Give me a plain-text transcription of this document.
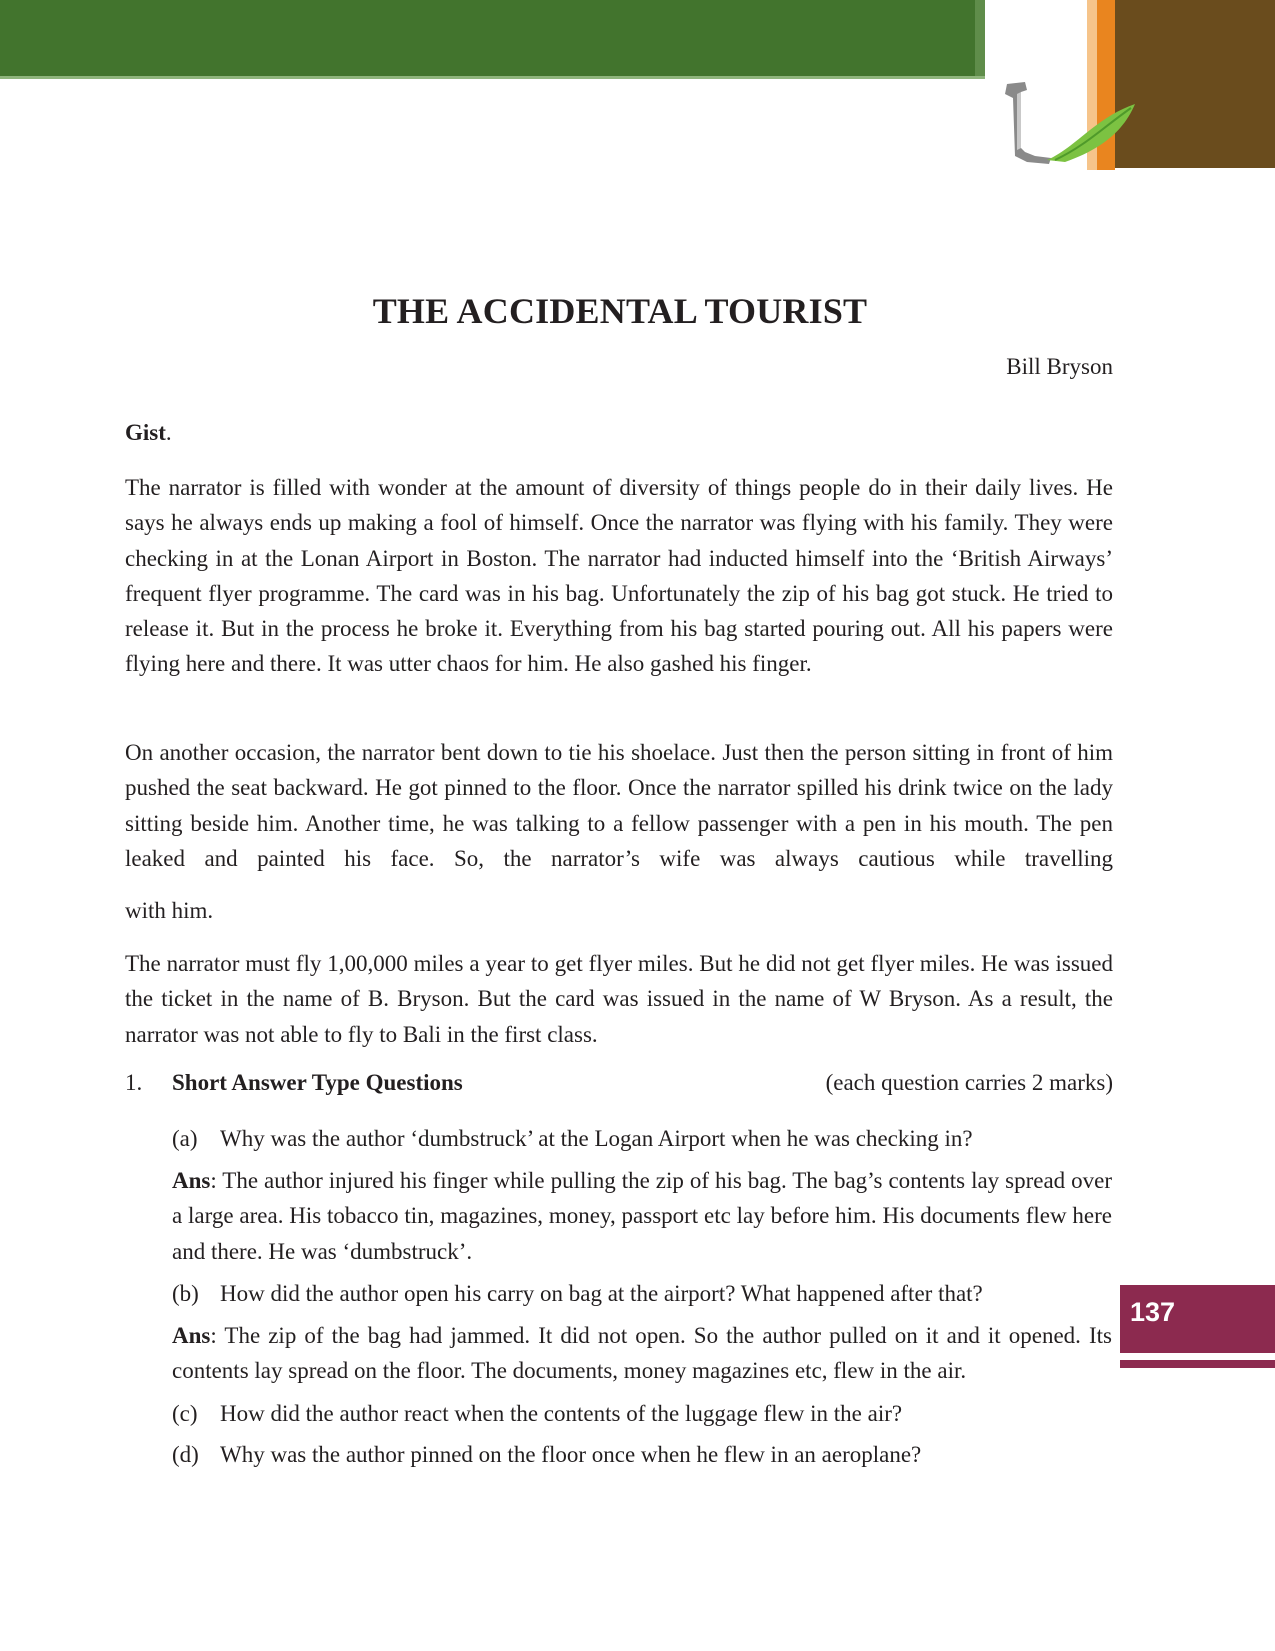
THE ACCIDENTAL TOURIST
Bill Bryson
Gist.

The narrator is filled with wonder at the amount of diversity of things people do in their daily lives. He says he always ends up making a fool of himself. Once the narrator was flying with his family. They were checking in at the Lonan Airport in Boston. The narrator had inducted himself into the ‘British Airways’ frequent flyer programme. The card was in his bag. Unfortunately the zip of his bag got stuck. He tried to release it. But in the process he broke it. Everything from his bag started pouring out. All his papers were flying here and there. It was utter chaos for him. He also gashed his finger.

On another occasion, the narrator bent down to tie his shoelace. Just then the person sitting in front of him pushed the seat backward. He got pinned to the floor. Once the narrator spilled his drink twice on the lady sitting beside him. Another time, he was talking to a fellow passenger with a pen in his mouth. The pen leaked and painted his face. So, the narrator’s wife was always cautious while travelling

with him.

The narrator must fly 1,00,000 miles a year to get flyer miles. But he did not get flyer miles. He was issued the ticket in the name of B. Bryson. But the card was issued in the name of W Bryson. As a result, the narrator was not able to fly to Bali in the first class.

1. Short Answer Type Questions	(each question carries 2 marks)
(a) Why was the author ‘dumbstruck’ at the Logan Airport when he was checking in?

Ans: The author injured his finger while pulling the zip of his bag. The bag’s contents lay spread over a large area. His tobacco tin, magazines, money, passport etc lay before him. His documents flew here and there. He was ‘dumbstruck’.

(b) How did the author open his carry on bag at the airport? What happened after that?

Ans: The zip of the bag had jammed. It did not open. So the author pulled on it and it opened. Its contents lay spread on the floor. The documents, money magazines etc, flew in the air.

(c) How did the author react when the contents of the luggage flew in the air?
(d) Why was the author pinned on the floor once when he flew in an aeroplane?
137
